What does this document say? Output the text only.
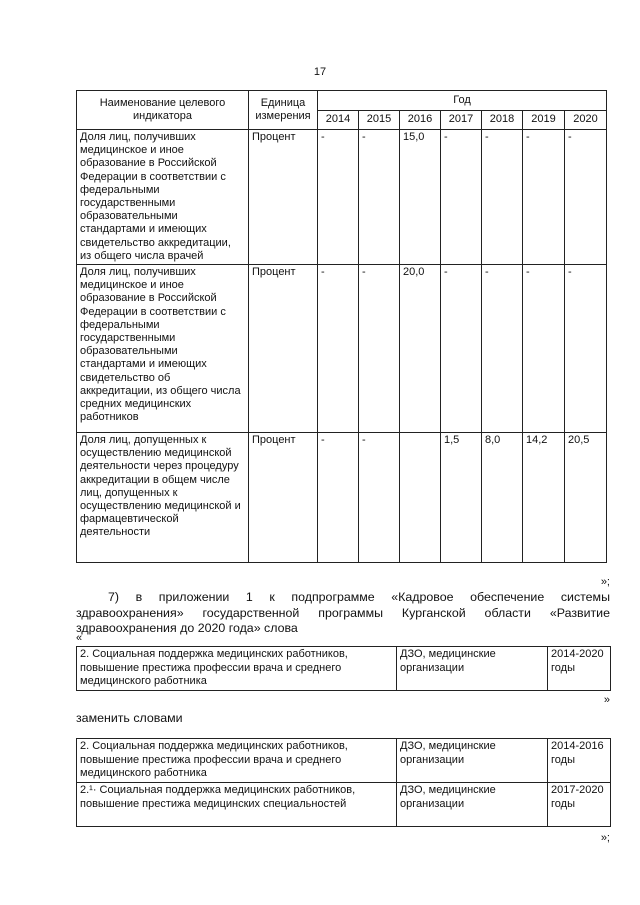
17
Наименование целевого индикатора	Единица измерения	Год						
		2014	2015	2016	2017	2018	2019	2020
Доля лиц, получивших медицинское и иное образование в Российской Федерации в соответствии с федеральными государственными образовательными стандартами и имеющих свидетельство аккредитации, из общего числа врачей	Процент	-	-	15,0	-	-	-	-
Доля лиц, получивших медицинское и иное образование в Российской Федерации в соответствии с федеральными государственными образовательными стандартами и имеющих свидетельство об аккредитации, из общего числа средних медицинских работников	Процент	-	-	20,0	-	-	-	-
Доля лиц, допущенных к осуществлению медицинской деятельности через процедуру аккредитации в общем числе лиц, допущенных к осуществлению медицинской и фармацевтической деятельности	Процент	-	-		1,5	8,0	14,2	20,5
»;
7) в приложении 1 к подпрограмме «Кадровое обеспечение системы здравоохранения» государственной программы Курганской области «Развитие здравоохранения до 2020 года» слова
«
2. Социальная поддержка медицинских работников, повышение престижа профессии врача и среднего медицинского работника	ДЗО, медицинские организации	2014-2020 годы
»
заменить словами
2. Социальная поддержка медицинских работников, повышение престижа профессии врача и среднего медицинского работника	ДЗО, медицинские организации	2014-2016 годы
2.¹· Социальная поддержка медицинских работников, повышение престижа медицинских специальностей	ДЗО, медицинские организации	2017-2020 годы
»;
